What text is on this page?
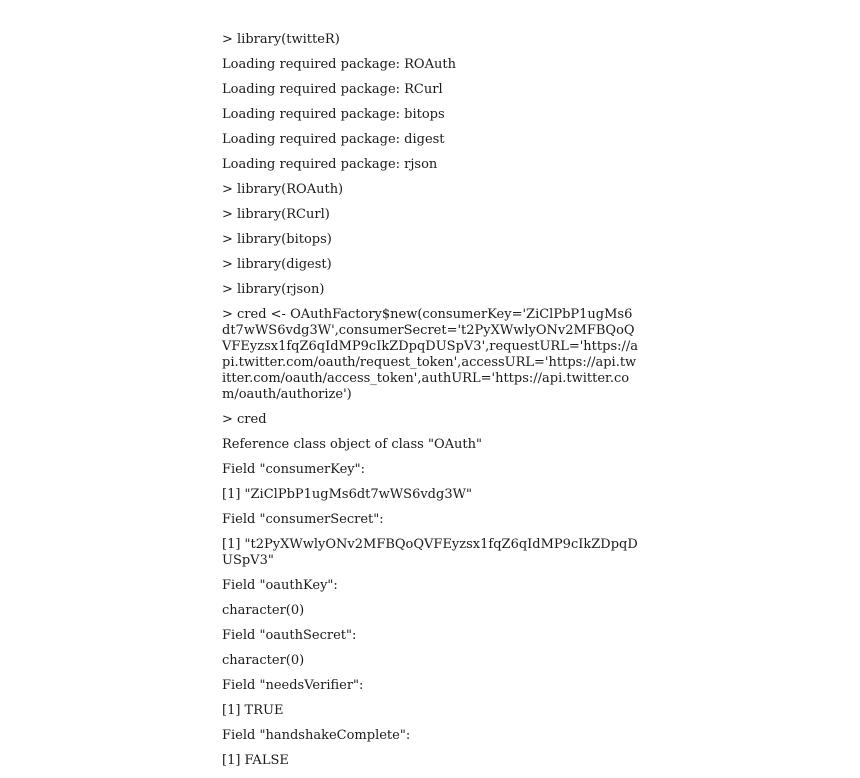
> library(twitteR)
Loading required package: ROAuth
Loading required package: RCurl
Loading required package: bitops
Loading required package: digest
Loading required package: rjson
> library(ROAuth)
> library(RCurl)
> library(bitops)
> library(digest)
> library(rjson)
> cred <- OAuthFactory$new(consumerKey='ZiClPbP1ugMs6dt7wWS6vdg3W',consumerSecret='t2PyXWwlyONv2MFBQoQVFEyzsx1fqZ6qIdMP9cIkZDpqDUSpV3',requestURL='https://api.twitter.com/oauth/request_token',accessURL='https://api.twitter.com/oauth/access_token',authURL='https://api.twitter.com/oauth/authorize')
> cred
Reference class object of class "OAuth"
Field "consumerKey":
[1] "ZiClPbP1ugMs6dt7wWS6vdg3W"
Field "consumerSecret":
[1] "t2PyXWwlyONv2MFBQoQVFEyzsx1fqZ6qIdMP9cIkZDpqDUSpV3"
Field "oauthKey":
character(0)
Field "oauthSecret":
character(0)
Field "needsVerifier":
[1] TRUE
Field "handshakeComplete":
[1] FALSE
